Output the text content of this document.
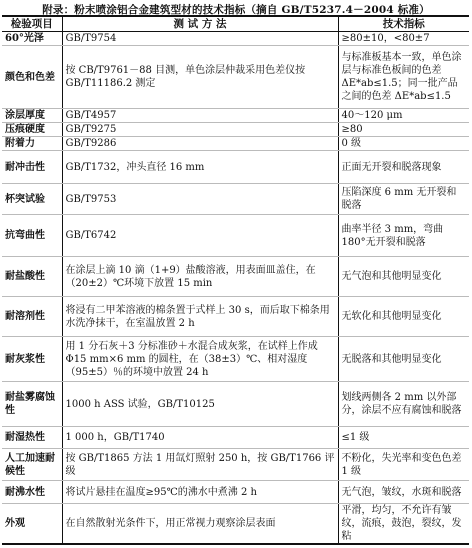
附录：粉末喷涂铝合金建筑型材的技术指标（摘自 GB/T5237.4－2004 标准）
检验项目	测 试 方 法	技术指标
60°光泽	GB/T9754	≥80±10，<80±7
颜色和色差	按 CB/T9761－88 目测，单色涂层仲裁采用色差仪按 GB/T11186.2 测定	与标准板基本一致，单色涂层与标准色板间的色差 ΔE*ab≤1.5；同一批产品之间的色差 ΔE*ab≤1.5
涂层厚度	GB/T4957	40～120 μm
压痕硬度	GB/T9275	≥80
附着力	GB/T9286	0 级
耐冲击性	GB/T1732，冲头直径 16 mm	正面无开裂和脱落现象
杯突试验	GB/T9753	压陷深度 6 mm 无开裂和脱落
抗弯曲性	GB/T6742	曲率半径 3 mm，弯曲 180°无开裂和脱落
耐盐酸性	在涂层上滴 10 滴（1+9）盐酸溶液，用表面皿盖住，在（20±2）℃环境下放置 15 min	无气泡和其他明显变化
耐溶剂性	将浸有二甲苯溶液的棉条置于式样上 30 s，而后取下棉条用水洗净抹干，在室温放置 2 h	无软化和其他明显变化
耐灰浆性	用 1 分石灰＋3 分标准砂＋水混合成灰浆，在试样上作成 Φ15 mm×6 mm 的圆柱，在（38±3）℃、相对湿度（95±5）％的环境中放置 24 h	无脱落和其他明显变化
耐盐雾腐蚀性	1000 h ASS 试验，GB/T10125	划线两侧各 2 mm 以外部分，涂层不应有腐蚀和脱落
耐湿热性	1 000 h，GB/T1740	≤1 级
人工加速耐候性	按 GB/T1865 方法 1 用氙灯照射 250 h，按 GB/T1766 评级	不粉化，失光率和变色色差 1 级
耐沸水性	将试片悬挂在温度≥95℃的沸水中煮沸 2 h	无气泡，皱纹，水斑和脱落
外观	在自然散射光条件下，用正常视力观察涂层表面	平滑，均匀，不允许有皱纹，流痕，鼓泡，裂纹，发粘
